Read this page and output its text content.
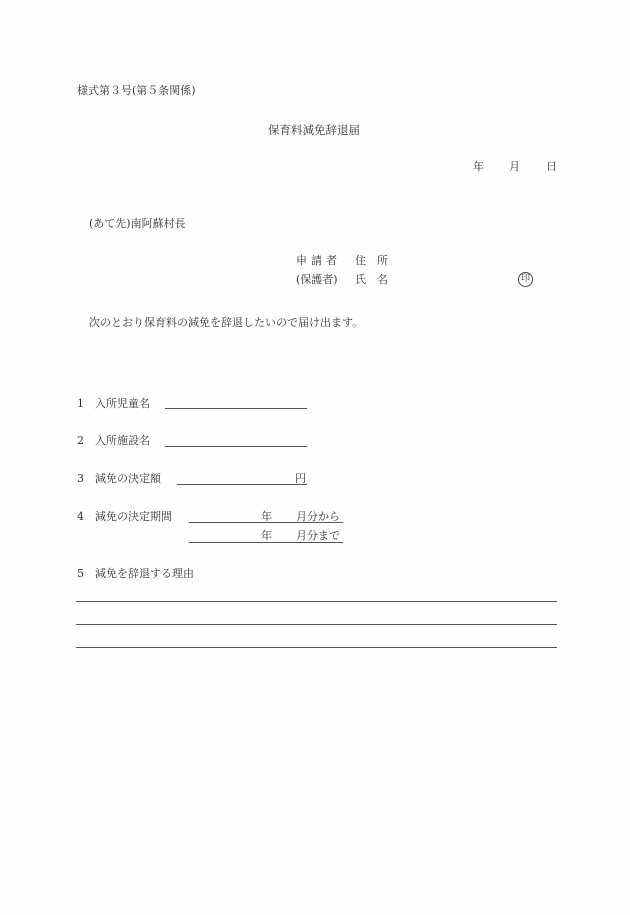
様式第３号(第５条関係)
保育料減免辞退届
年 月 日
(あて先)南阿蘇村長
申請者 住　所
(保護者) 氏　名	印
次のとおり保育料の減免を辞退したいので届け出ます。
1 入所児童名
2 入所施設名
3 減免の決定額	円
4 減免の決定期間	年 月分から
年 月分まで
5 減免を辞退する理由
